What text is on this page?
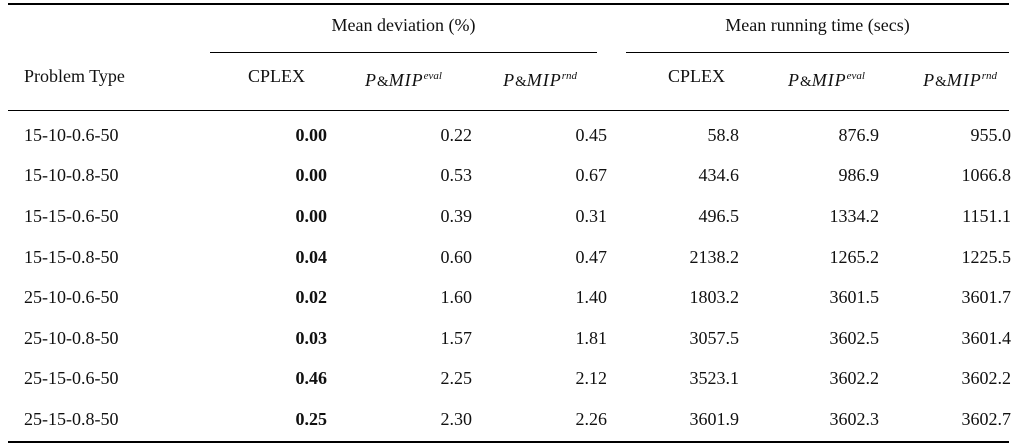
Mean deviation (%)	Mean running time (secs)
Problem Type	CPLEX	$P\&MIP^{eval}$	$P\&MIP^{rnd}$	CPLEX	$P\&MIP^{eval}$	$P\&MIP^{rnd}$
15-10-0.6-50	0.00	0.22	0.45	58.8	876.9	955.0
15-10-0.8-50	0.00	0.53	0.67	434.6	986.9	1066.8
15-15-0.6-50	0.00	0.39	0.31	496.5	1334.2	1151.1
15-15-0.8-50	0.04	0.60	0.47	2138.2	1265.2	1225.5
25-10-0.6-50	0.02	1.60	1.40	1803.2	3601.5	3601.7
25-10-0.8-50	0.03	1.57	1.81	3057.5	3602.5	3601.4
25-15-0.6-50	0.46	2.25	2.12	3523.1	3602.2	3602.2
25-15-0.8-50	0.25	2.30	2.26	3601.9	3602.3	3602.7
